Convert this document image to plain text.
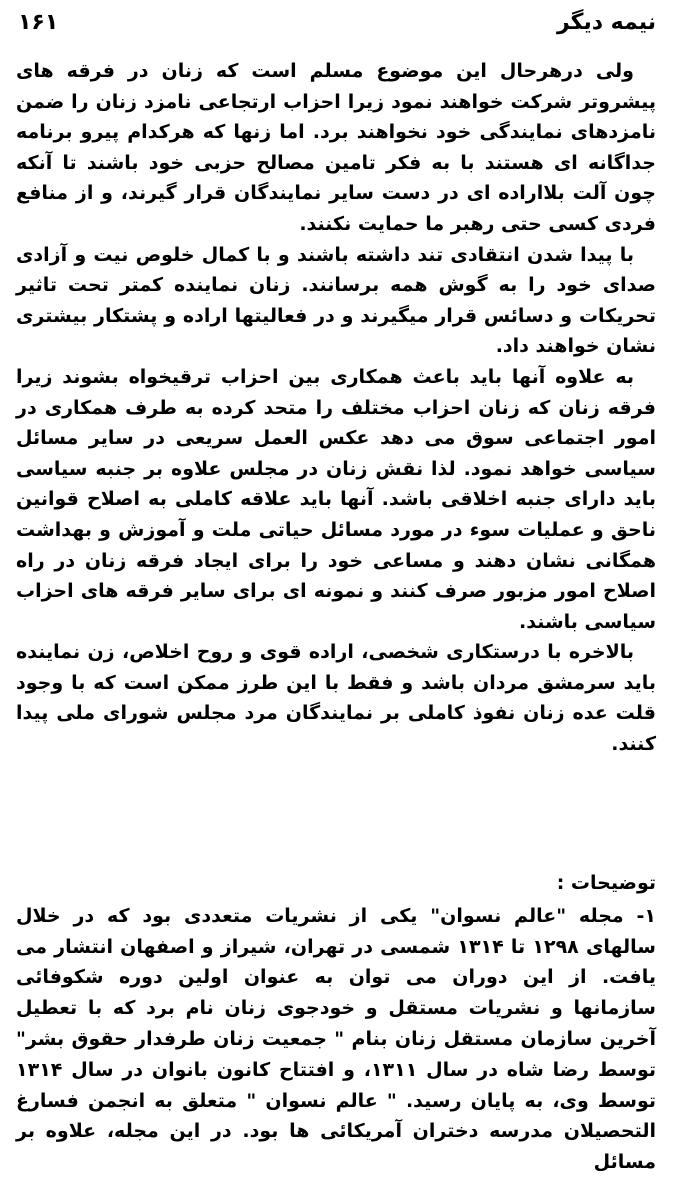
۱۶۱	نیمه دیگر

ولی درهرحال این موضوع مسلم است که زنان در فرقه های پیشروتر شرکت خواهند نمود زیرا احزاب ارتجاعی نامزد زنان را ضمن نامزدهای نمایندگی خود نخواهند برد. اما زنها که هرکدام پیرو برنامه جداگانه ای هستند با به فکر تامین مصالح حزبی خود باشند تا آنکه چون آلت بلااراده ای در دست سایر نمایندگان قرار گیرند، و از منافع فردی کسی حتی رهبر ما حمایت نکنند.

با پیدا شدن انتقادی تند داشته باشند و با کمال خلوص نیت و آزادی صدای خود را به گوش همه برسانند. زنان نماینده کمتر تحت تاثیر تحریکات و دسائس قرار میگیرند و در فعالیتها اراده و پشتکار بیشتری نشان خواهند داد.

به علاوه آنها باید باعث همکاری بین احزاب ترقیخواه بشوند زیرا فرقه زنان که زنان احزاب مختلف را متحد کرده به طرف همکاری در امور اجتماعی سوق می دهد عکس العمل سریعی در سایر مسائل سیاسی خواهد نمود. لذا نقش زنان در مجلس علاوه بر جنبه سیاسی باید دارای جنبه اخلاقی باشد. آنها باید علاقه کاملی به اصلاح قوانین ناحق و عملیات سوء در مورد مسائل حیاتی ملت و آموزش و بهداشت همگانی نشان دهند و مساعی خود را برای ایجاد فرقه زنان در راه اصلاح امور مزبور صرف کنند و نمونه ای برای سایر فرقه های احزاب سیاسی باشند.

بالاخره با درستکاری شخصی، اراده قوی و روح اخلاص، زن نماینده باید سرمشق مردان باشد و فقط با این طرز ممکن است که با وجود قلت عده زنان نفوذ کاملی بر نمایندگان مرد مجلس شورای ملی پیدا کنند.

توضیحات :

۱- مجله "عالم نسوان" یکی از نشریات متعددی بود که در خلال سالهای ۱۲۹۸ تا ۱۳۱۴ شمسی در تهران، شیراز و اصفهان انتشار می یافت. از این دوران می توان به عنوان اولین دوره شکوفائی سازمانها و نشریات مستقل و خودجوی زنان نام برد که با تعطیل آخرین سازمان مستقل زنان بنام " جمعیت زنان طرفدار حقوق بشر" توسط رضا شاه در سال ۱۳۱۱، و افتتاح کانون بانوان در سال ۱۳۱۴ توسط وی، به پایان رسید. " عالم نسوان " متعلق به انجمن فسارغ التحصیلان مدرسه دختران آمریکائی ها بود. در این مجله، علاوه بر مسائل
